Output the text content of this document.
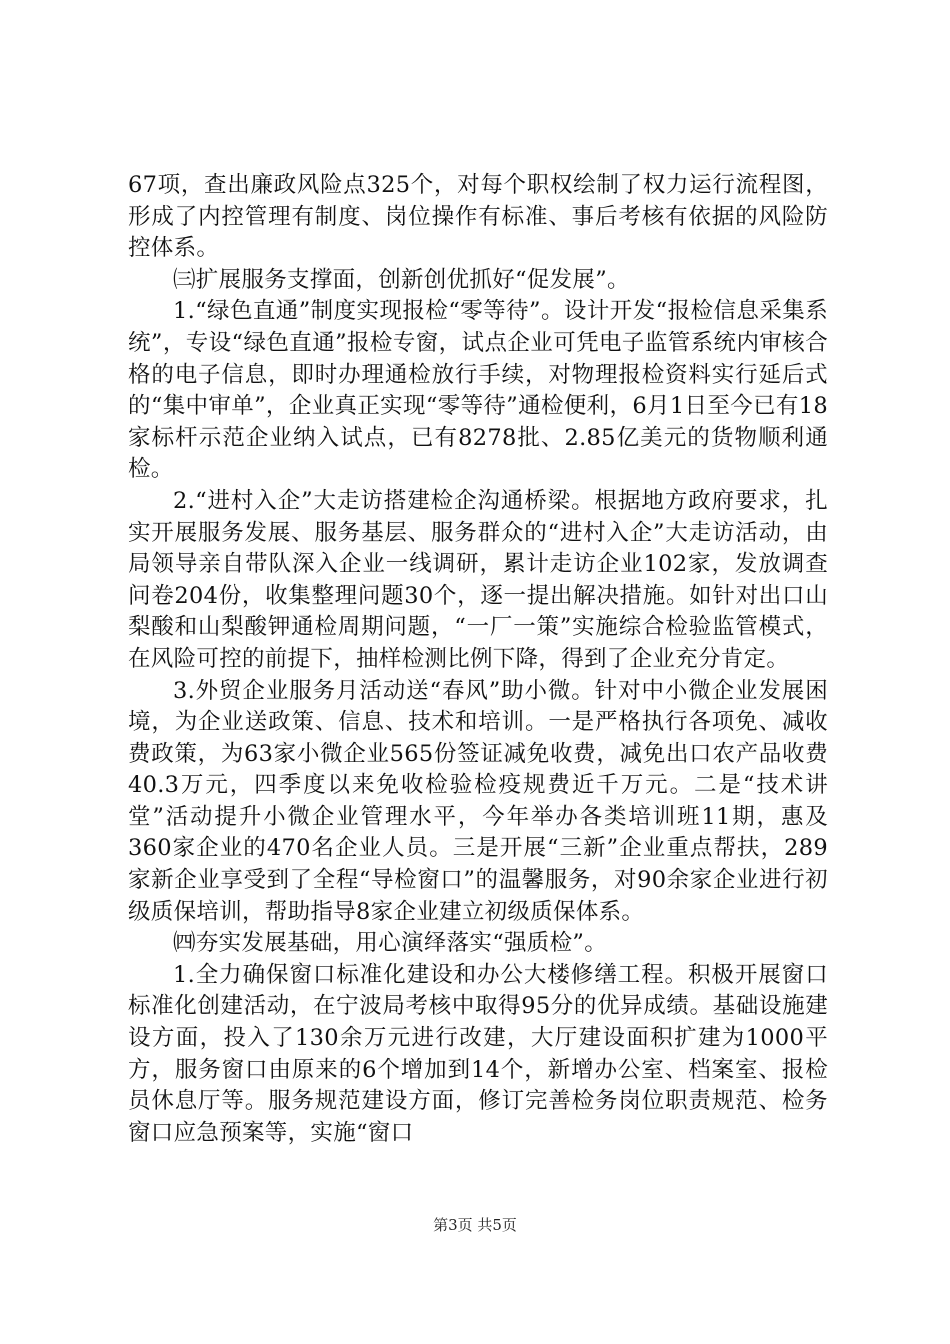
67项，查出廉政风险点325个，对每个职权绘制了权力运行流程图，形成了内控管理有制度、岗位操作有标准、事后考核有依据的风险防控体系。

㈢扩展服务支撑面，创新创优抓好“促发展”。

1.“绿色直通”制度实现报检“零等待”。设计开发“报检信息采集系统”，专设“绿色直通”报检专窗，试点企业可凭电子监管系统内审核合格的电子信息，即时办理通检放行手续，对物理报检资料实行延后式的“集中审单”，企业真正实现“零等待”通检便利，6月1日至今已有18家标杆示范企业纳入试点，已有8278批、2.85亿美元的货物顺利通检。

2.“进村入企”大走访搭建检企沟通桥梁。根据地方政府要求，扎实开展服务发展、服务基层、服务群众的“进村入企”大走访活动，由局领导亲自带队深入企业一线调研，累计走访企业102家，发放调查问卷204份，收集整理问题30个，逐一提出解决措施。如针对出口山梨酸和山梨酸钾通检周期问题，“一厂一策”实施综合检验监管模式，在风险可控的前提下，抽样检测比例下降，得到了企业充分肯定。

3.外贸企业服务月活动送“春风”助小微。针对中小微企业发展困境，为企业送政策、信息、技术和培训。一是严格执行各项免、减收费政策，为63家小微企业565份签证减免收费，减免出口农产品收费40.3万元，四季度以来免收检验检疫规费近千万元。二是“技术讲堂”活动提升小微企业管理水平，今年举办各类培训班11期，惠及360家企业的470名企业人员。三是开展“三新”企业重点帮扶，289家新企业享受到了全程“导检窗口”的温馨服务，对90余家企业进行初级质保培训，帮助指导8家企业建立初级质保体系。

㈣夯实发展基础，用心演绎落实“强质检”。

1.全力确保窗口标准化建设和办公大楼修缮工程。积极开展窗口标准化创建活动，在宁波局考核中取得95分的优异成绩。基础设施建设方面，投入了130余万元进行改建，大厅建设面积扩建为1000平方，服务窗口由原来的6个增加到14个，新增办公室、档案室、报检员休息厅等。服务规范建设方面，修订完善检务岗位职责规范、检务窗口应急预案等，实施“窗口

第3页 共5页
